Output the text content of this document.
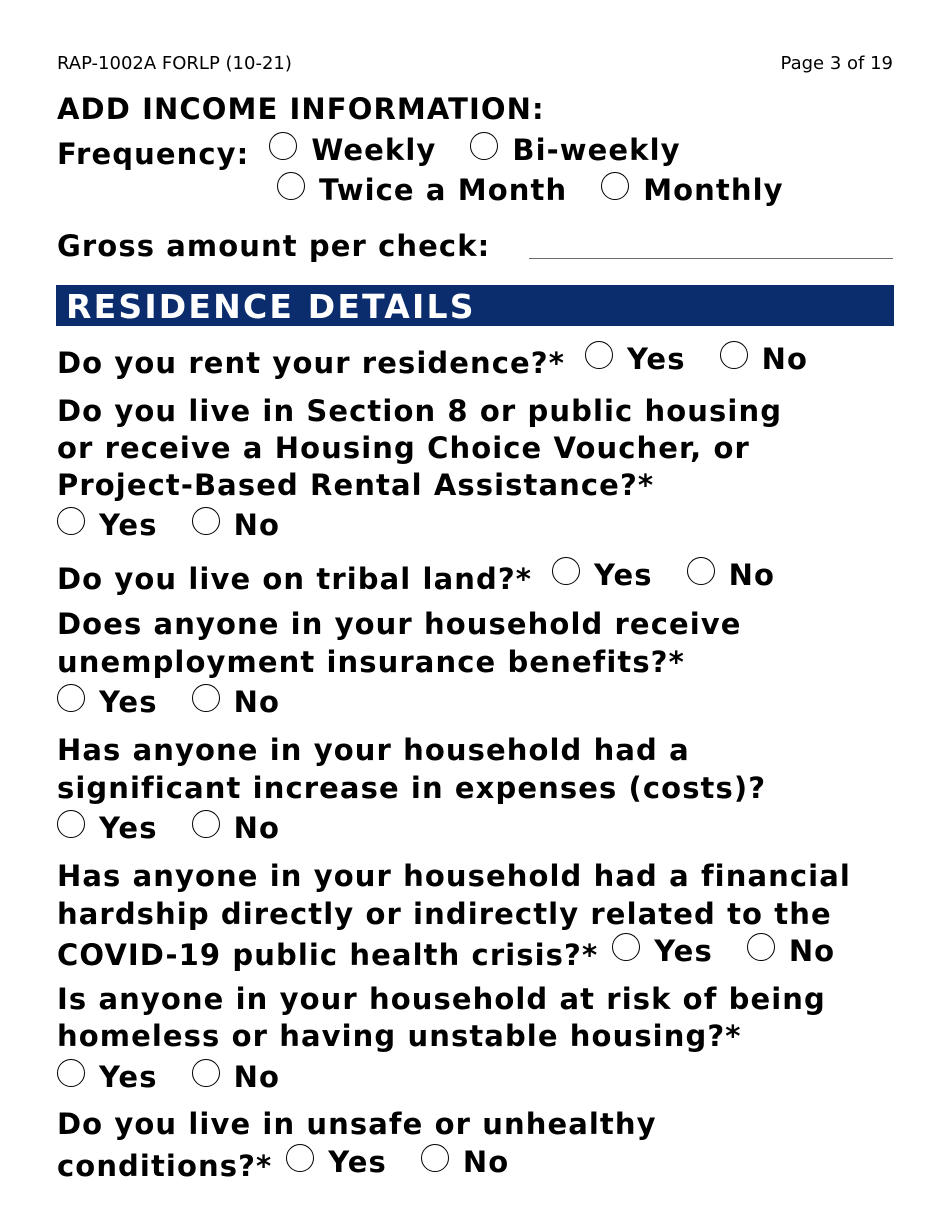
RAP-1002A FORLP (10-21)	Page 3 of 19
ADD INCOME INFORMATION:
Frequency: Weekly	Bi-weekly
Twice a Month	Monthly
Gross amount per check:
RESIDENCE DETAILS
Do you rent your residence?* Yes	No
Do you live in Section 8 or public housing
or receive a Housing Choice Voucher, or
Project-Based Rental Assistance?*
Yes	No
Do you live on tribal land?* Yes	No
Does anyone in your household receive
unemployment insurance benefits?*
Yes	No
Has anyone in your household had a
significant increase in expenses (costs)?
Yes	No
Has anyone in your household had a financial
hardship directly or indirectly related to the
COVID-19 public health crisis?* Yes	No
Is anyone in your household at risk of being
homeless or having unstable housing?*
Yes	No
Do you live in unsafe or unhealthy
conditions?* Yes	No
